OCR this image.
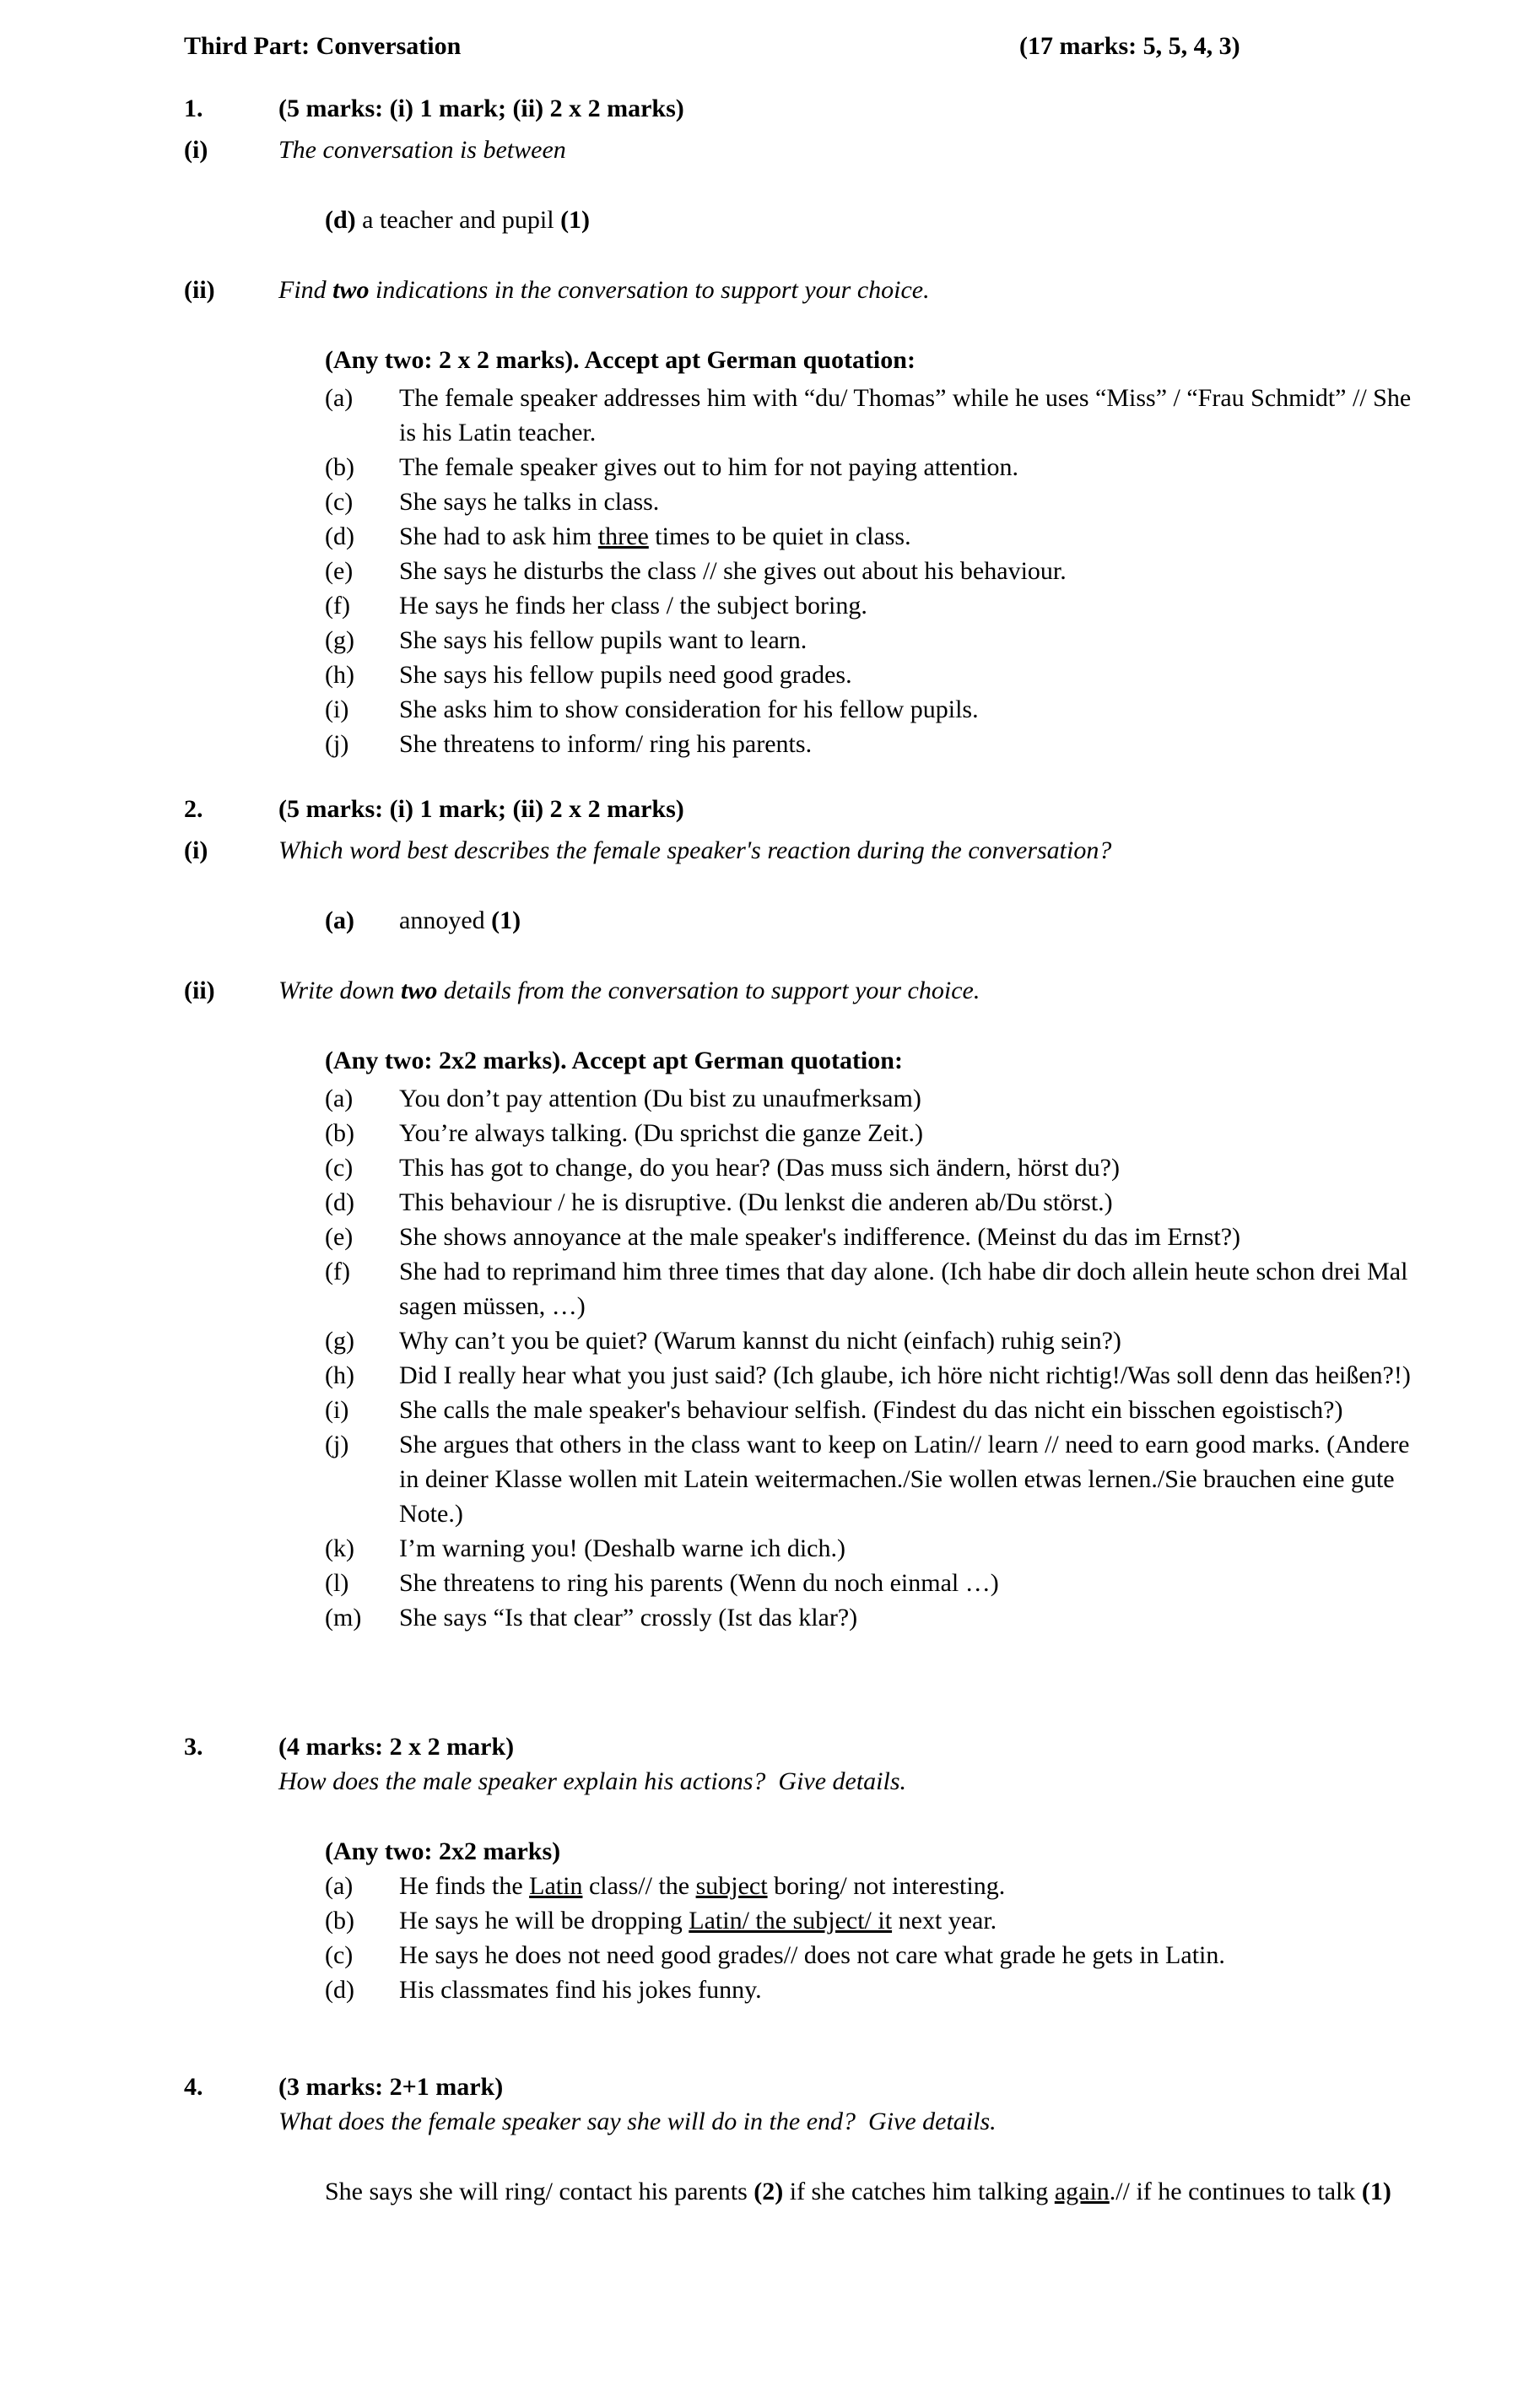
Third Part: Conversation	(17 marks: 5, 5, 4, 3)
1.	(5 marks: (i) 1 mark; (ii) 2 x 2 marks)
(i)	The conversation is between
(d) a teacher and pupil (1)
(ii)	Find two indications in the conversation to support your choice.
(Any two: 2 x 2 marks). Accept apt German quotation:
(a)	The female speaker addresses him with “du/ Thomas” while he uses “Miss” / “Frau Schmidt” // She is his Latin teacher.
(b)	The female speaker gives out to him for not paying attention.
(c)	She says he talks in class.
(d)	She had to ask him three times to be quiet in class.
(e)	She says he disturbs the class // she gives out about his behaviour.
(f)	He says he finds her class / the subject boring.
(g)	She says his fellow pupils want to learn.
(h)	She says his fellow pupils need good grades.
(i)	She asks him to show consideration for his fellow pupils.
(j)	She threatens to inform/ ring his parents.
2.	(5 marks: (i) 1 mark; (ii) 2 x 2 marks)
(i)	Which word best describes the female speaker's reaction during the conversation?
(a)	annoyed (1)
(ii)	Write down two details from the conversation to support your choice.
(Any two: 2x2 marks). Accept apt German quotation:
(a)	You don’t pay attention (Du bist zu unaufmerksam)
(b)	You’re always talking. (Du sprichst die ganze Zeit.)
(c)	This has got to change, do you hear? (Das muss sich ändern, hörst du?)
(d)	This behaviour / he is disruptive. (Du lenkst die anderen ab/Du störst.)
(e)	She shows annoyance at the male speaker's indifference. (Meinst du das im Ernst?)
(f)	She had to reprimand him three times that day alone. (Ich habe dir doch allein heute schon drei Mal sagen müssen, …)
(g)	Why can’t you be quiet? (Warum kannst du nicht (einfach) ruhig sein?)
(h)	Did I really hear what you just said? (Ich glaube, ich höre nicht richtig!/Was soll denn das heißen?!)
(i)	She calls the male speaker's behaviour selfish. (Findest du das nicht ein bisschen egoistisch?)
(j)	She argues that others in the class want to keep on Latin// learn // need to earn good marks. (Andere in deiner Klasse wollen mit Latein weitermachen./Sie wollen etwas lernen./Sie brauchen eine gute Note.)
(k)	I’m warning you! (Deshalb warne ich dich.)
(l)	She threatens to ring his parents (Wenn du noch einmal …)
(m)	She says “Is that clear” crossly (Ist das klar?)
3.	(4 marks: 2 x 2 mark)
How does the male speaker explain his actions?  Give details.
(Any two: 2x2 marks)
(a)	He finds the Latin class// the subject boring/ not interesting.
(b)	He says he will be dropping Latin/ the subject/ it next year.
(c)	He says he does not need good grades// does not care what grade he gets in Latin.
(d)	His classmates find his jokes funny.
4.	(3 marks: 2+1 mark)
What does the female speaker say she will do in the end?  Give details.
She says she will ring/ contact his parents (2) if she catches him talking again.// if he continues to talk (1)
